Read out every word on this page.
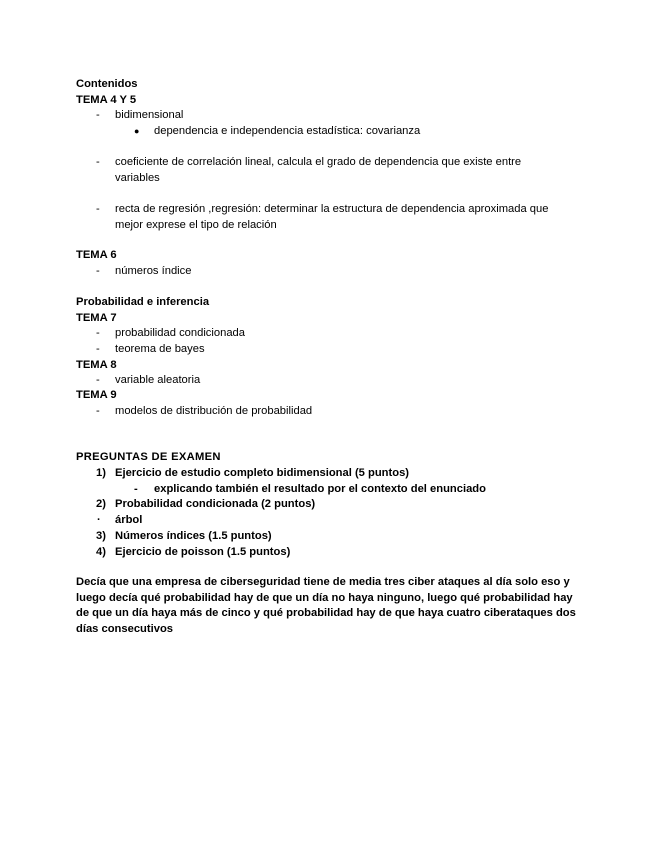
Contenidos
TEMA 4 Y 5
- bidimensional
● dependencia e independencia estadística: covarianza
- coeficiente de correlación lineal, calcula el grado de dependencia que existe entre variables
- recta de regresión ,regresión: determinar la estructura de dependencia aproximada que mejor exprese el tipo de relación
TEMA 6
- números índice
Probabilidad e inferencia
TEMA 7
- probabilidad condicionada
- teorema de bayes
TEMA 8
- variable aleatoria
TEMA 9
- modelos de distribución de probabilidad
PREGUNTAS DE EXAMEN
1) Ejercicio de estudio completo bidimensional (5 puntos)
- explicando también el resultado por el contexto del enunciado
2) Probabilidad condicionada (2 puntos)
· árbol
3) Números índices (1.5 puntos)
4) Ejercicio de poisson (1.5 puntos)
Decía que una empresa de ciberseguridad tiene de media tres ciber ataques al día solo eso y luego decía qué probabilidad hay de que un día no haya ninguno, luego qué probabilidad hay de que un día haya más de cinco y qué probabilidad hay de que haya cuatro ciberataques dos días consecutivos
